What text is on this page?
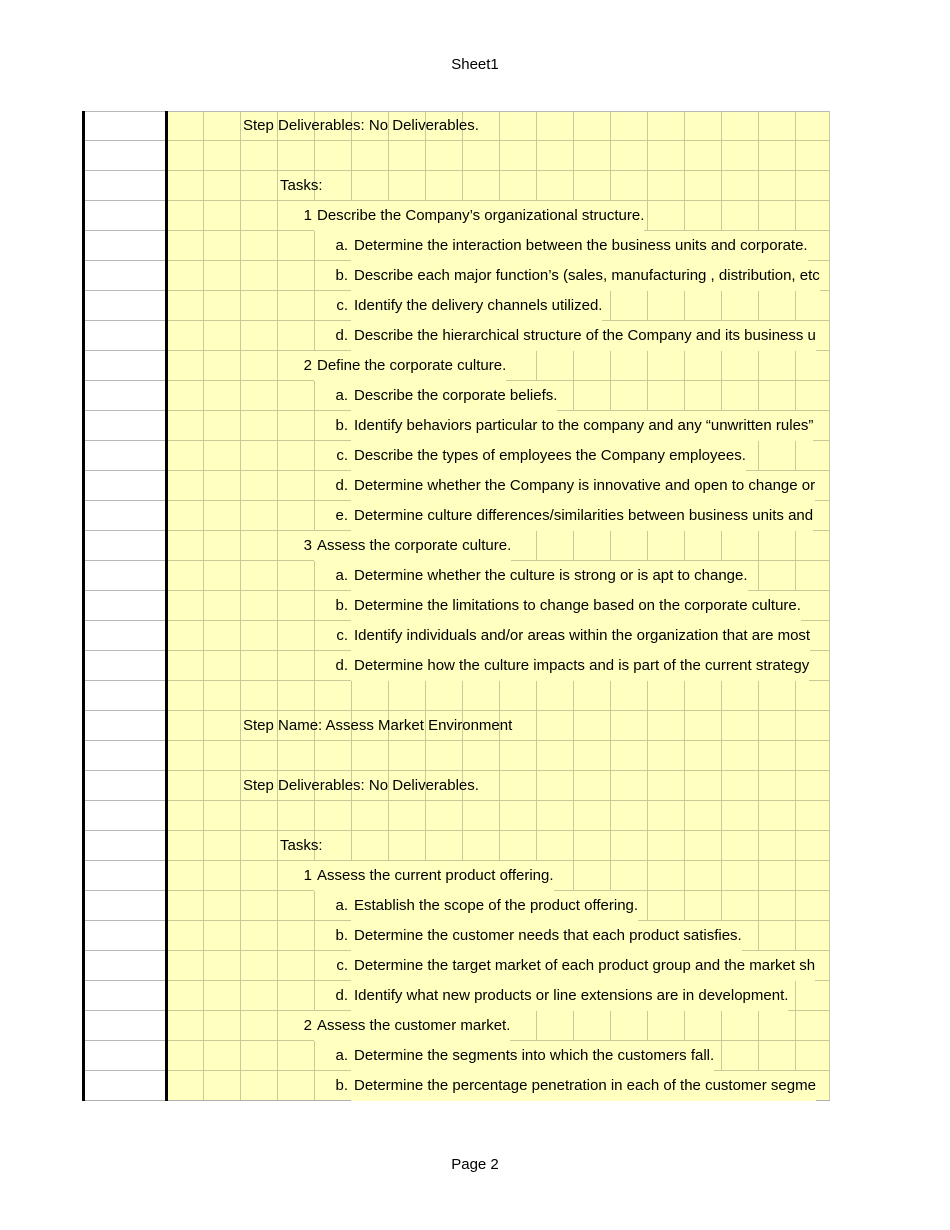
Sheet1
Step Deliverables: No Deliverables.
Tasks:
1 Describe the Company’s organizational structure.
a. Determine the interaction between the business units and corporate.
b. Describe each major function’s (sales, manufacturing , distribution, etc
c. Identify the delivery channels utilized.
d. Describe the hierarchical structure of the Company and its business u
2 Define the corporate culture.
a. Describe the corporate beliefs.
b. Identify behaviors particular to the company and any “unwritten rules”
c. Describe the types of employees the Company employees.
d. Determine whether the Company is innovative and open to change or
e. Determine culture differences/similarities between business units and
3 Assess the corporate culture.
a. Determine whether the culture is strong or is apt to change.
b. Determine the limitations to change based on the corporate culture.
c. Identify individuals and/or areas within the organization that are most
d. Determine how the culture impacts and is part of the current strategy
Step Name: Assess Market Environment
Step Deliverables: No Deliverables.
Tasks:
1 Assess the current product offering.
a. Establish the scope of the product offering.
b. Determine the customer needs that each product satisfies.
c. Determine the target market of each product group and the market sh
d. Identify what new products or line extensions are in development.
2 Assess the customer market.
a. Determine the segments into which the customers fall.
b. Determine the percentage penetration in each of the customer segme
Page 2
